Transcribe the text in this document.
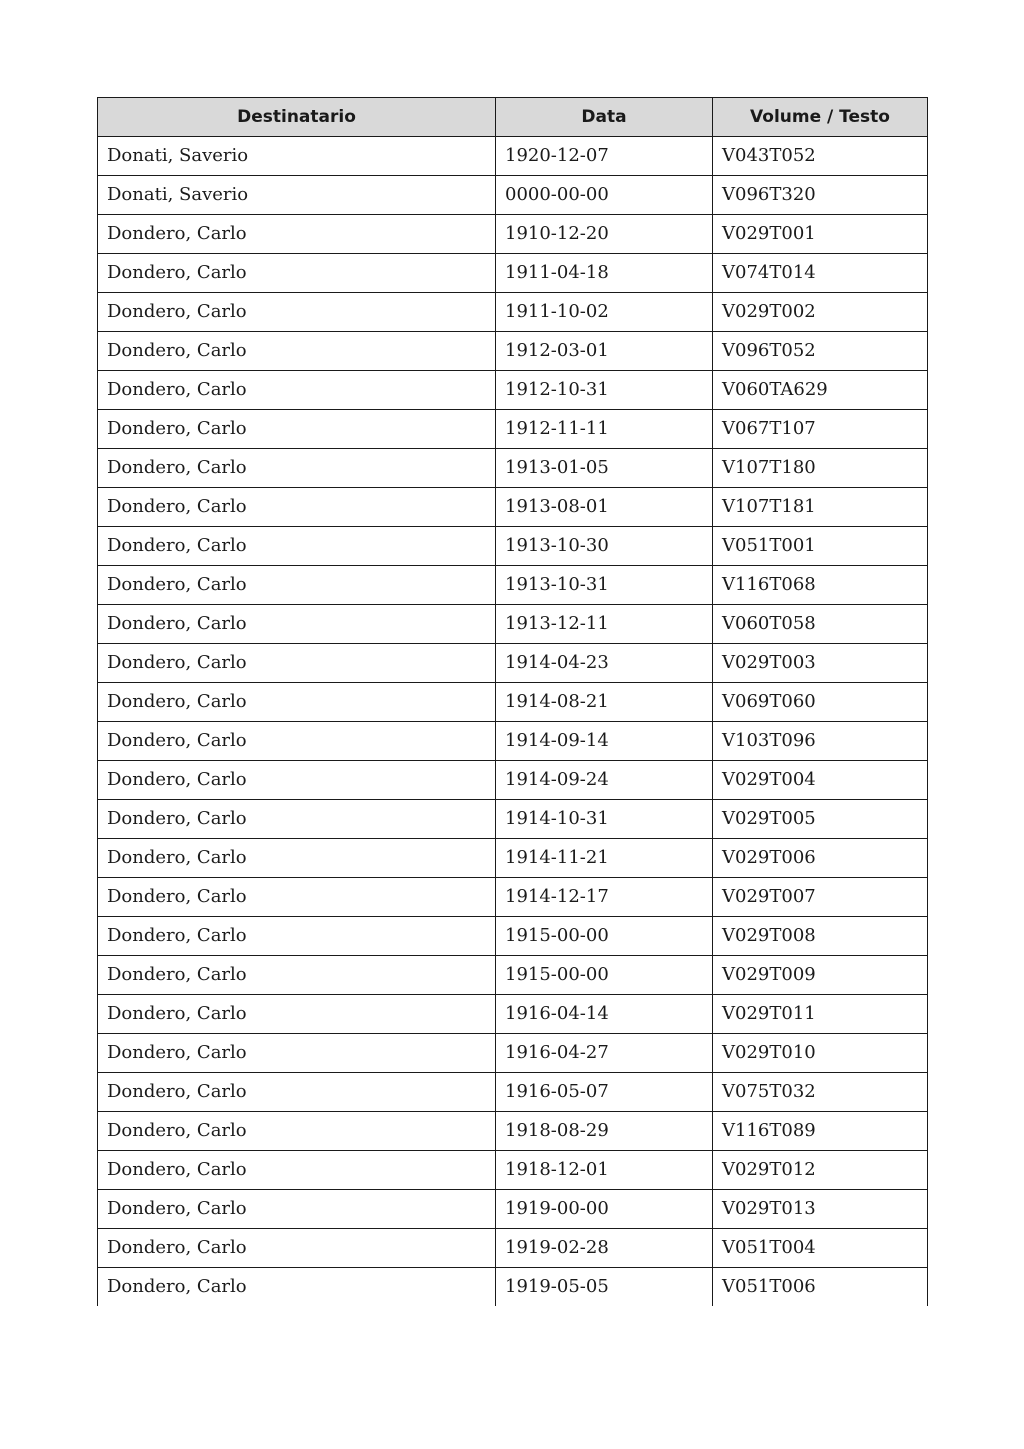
Destinatario	Data	Volume / Testo
Donati, Saverio	1920-12-07	V043T052
Donati, Saverio	0000-00-00	V096T320
Dondero, Carlo	1910-12-20	V029T001
Dondero, Carlo	1911-04-18	V074T014
Dondero, Carlo	1911-10-02	V029T002
Dondero, Carlo	1912-03-01	V096T052
Dondero, Carlo	1912-10-31	V060TA629
Dondero, Carlo	1912-11-11	V067T107
Dondero, Carlo	1913-01-05	V107T180
Dondero, Carlo	1913-08-01	V107T181
Dondero, Carlo	1913-10-30	V051T001
Dondero, Carlo	1913-10-31	V116T068
Dondero, Carlo	1913-12-11	V060T058
Dondero, Carlo	1914-04-23	V029T003
Dondero, Carlo	1914-08-21	V069T060
Dondero, Carlo	1914-09-14	V103T096
Dondero, Carlo	1914-09-24	V029T004
Dondero, Carlo	1914-10-31	V029T005
Dondero, Carlo	1914-11-21	V029T006
Dondero, Carlo	1914-12-17	V029T007
Dondero, Carlo	1915-00-00	V029T008
Dondero, Carlo	1915-00-00	V029T009
Dondero, Carlo	1916-04-14	V029T011
Dondero, Carlo	1916-04-27	V029T010
Dondero, Carlo	1916-05-07	V075T032
Dondero, Carlo	1918-08-29	V116T089
Dondero, Carlo	1918-12-01	V029T012
Dondero, Carlo	1919-00-00	V029T013
Dondero, Carlo	1919-02-28	V051T004
Dondero, Carlo	1919-05-05	V051T006
